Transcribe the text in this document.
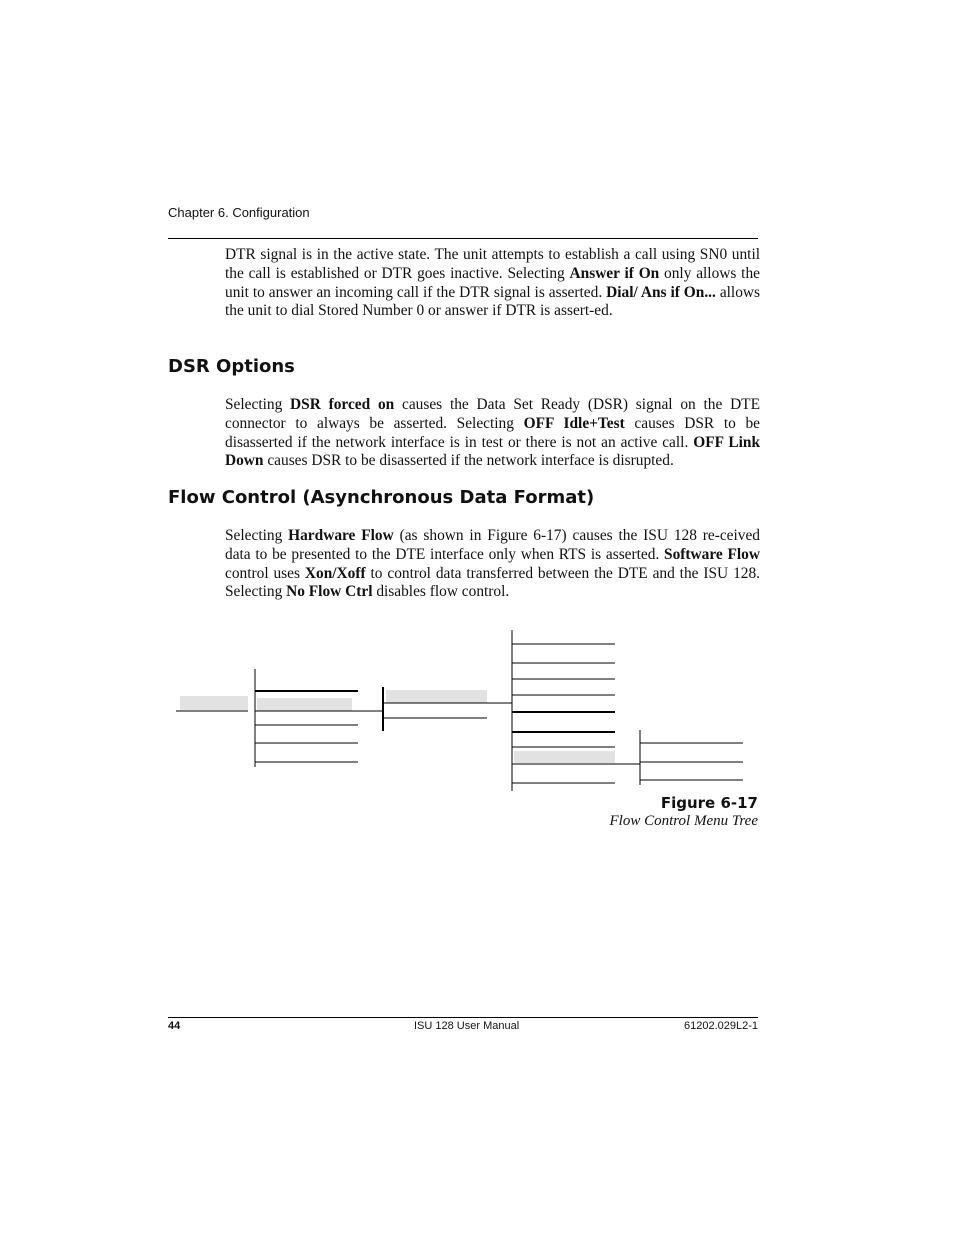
Chapter 6. Configuration
DTR signal is in the active state. The unit attempts to establish a call using SN0 until the call is established or DTR goes inactive. Selecting Answer if On only allows the unit to answer an incoming call if the DTR signal is asserted. Dial/ Ans if On... allows the unit to dial Stored Number 0 or answer if DTR is assert-ed.
DSR Options
Selecting DSR forced on causes the Data Set Ready (DSR) signal on the DTE connector to always be asserted. Selecting OFF Idle+Test causes DSR to be disasserted if the network interface is in test or there is not an active call. OFF Link Down causes DSR to be disasserted if the network interface is disrupted.
Flow Control (Asynchronous Data Format)
Selecting Hardware Flow (as shown in Figure 6-17) causes the ISU 128 re-ceived data to be presented to the DTE interface only when RTS is asserted. Software Flow control uses Xon/Xoff to control data transferred between the DTE and the ISU 128. Selecting No Flow Ctrl disables flow control.
Figure 6-17
Flow Control Menu Tree
44	ISU 128 User Manual	61202.029L2-1
